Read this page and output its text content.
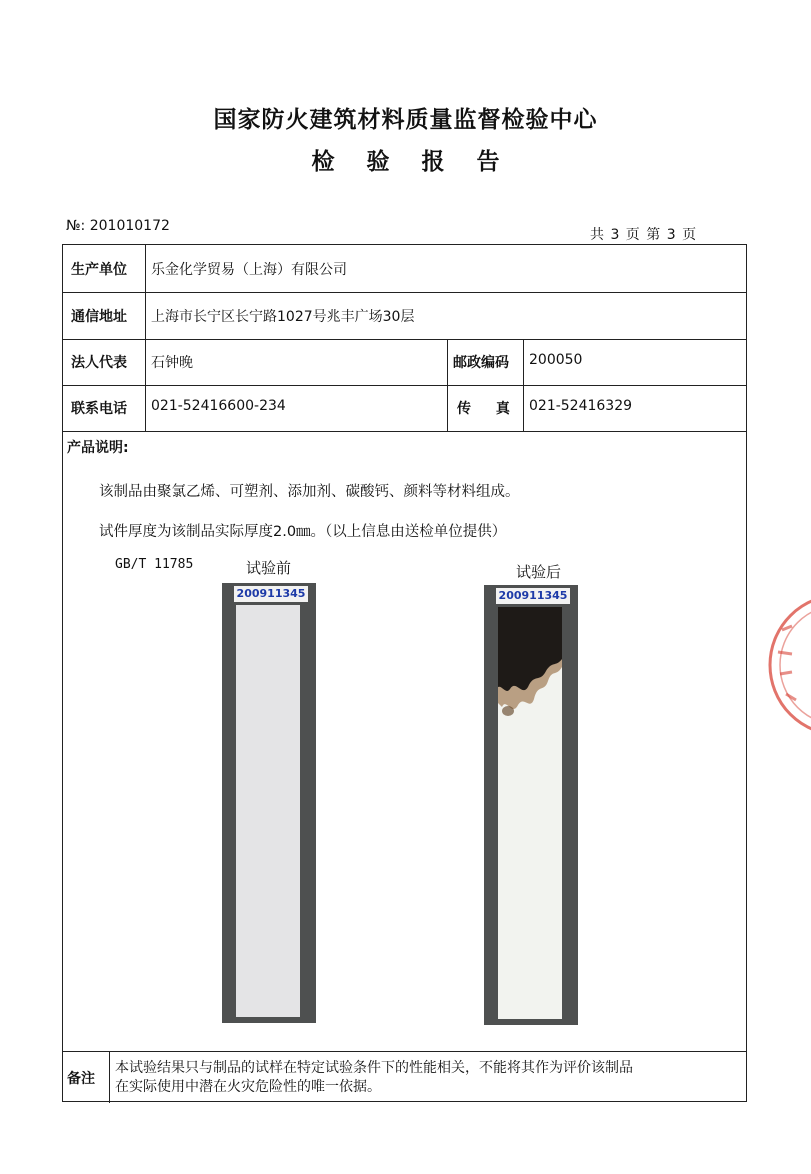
国家防火建筑材料质量监督检验中心
检 验 报 告
№: 201010172
共 3 页 第 3 页
生产单位 乐金化学贸易（上海）有限公司
通信地址 上海市长宁区长宁路1027号兆丰广场30层
法人代表 石钟晚	邮政编码 200050
联系电话 021-52416600-234	传　 真 021-52416329
产品说明:
该制品由聚氯乙烯、可塑剂、添加剂、碳酸钙、颜料等材料组成。
试件厚度为该制品实际厚度2.0㎜。（以上信息由送检单位提供）
GB/T 11785	试验前	试验后
200911345	200911345
备注
本试验结果只与制品的试样在特定试验条件下的性能相关，不能将其作为评价该制品
在实际使用中潜在火灾危险性的唯一依据。
